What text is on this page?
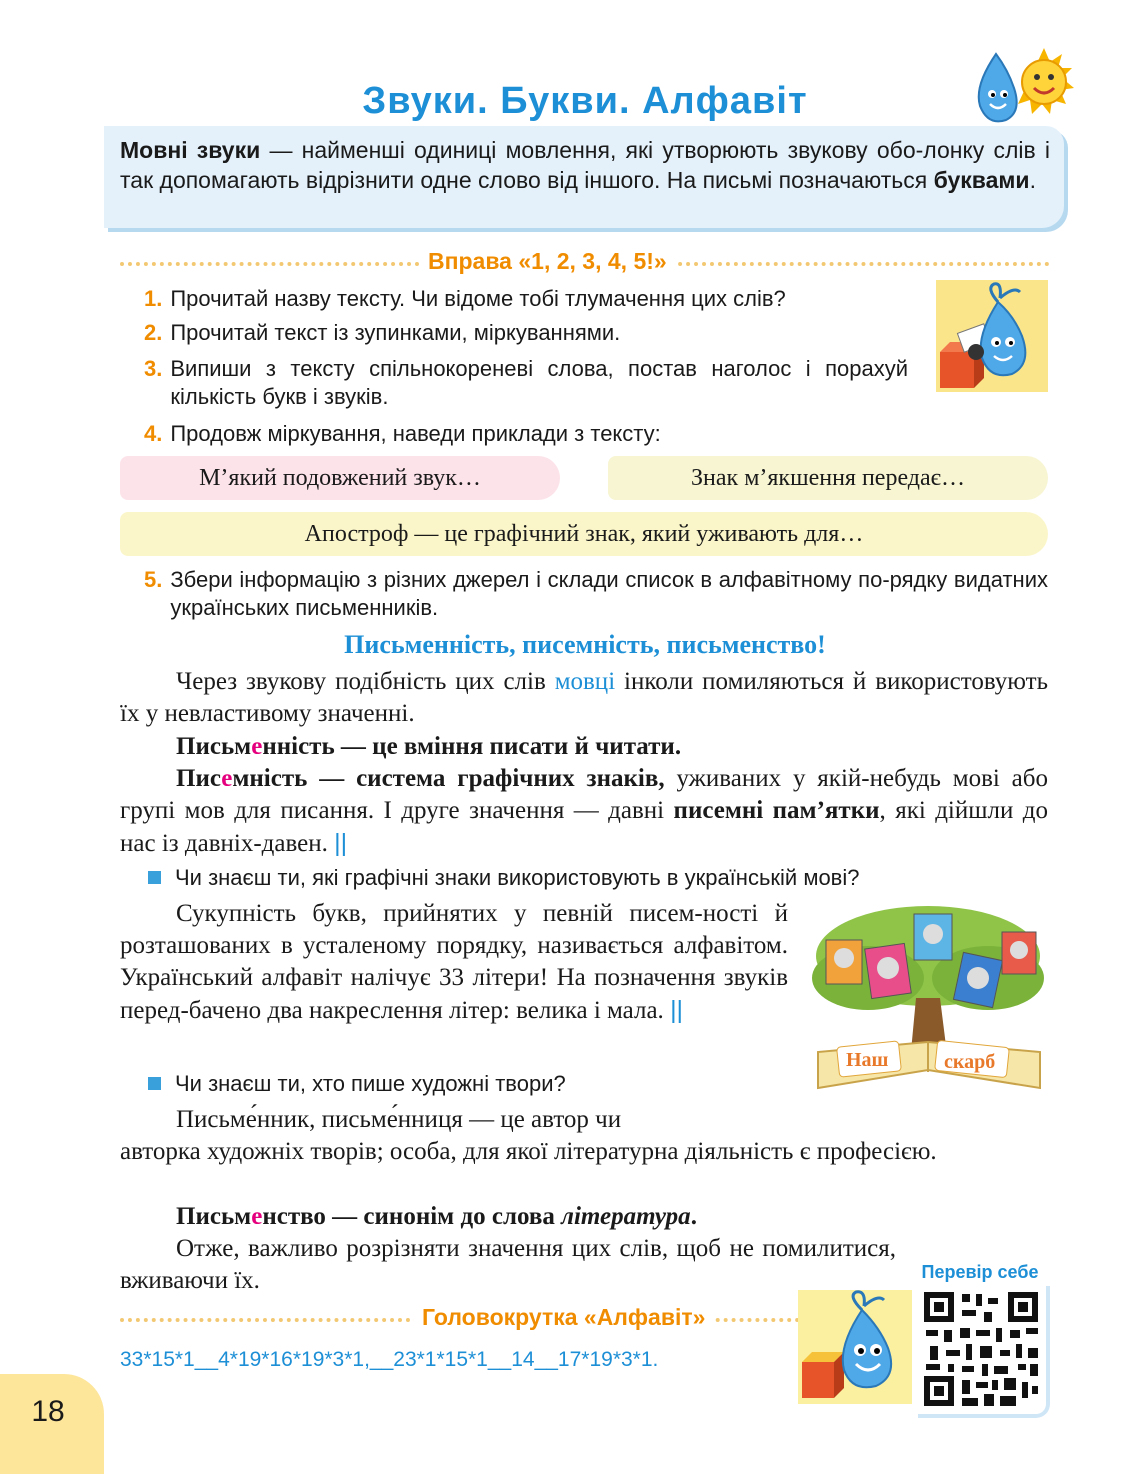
Звуки. Букви. Алфавіт
Мовні звуки — найменші одиниці мовлення, які утворюють звукову обо-лонку слів і так допомагають відрізнити одне слово від іншого. На письмі позначаються буквами.
Вправа «1, 2, 3, 4, 5!»
1. Прочитай назву тексту. Чи відоме тобі тлумачення цих слів?
2. Прочитай текст із зупинками, міркуваннями.
3. Випиши з тексту спільнокореневі слова, постав наголос і порахуй кількість букв і звуків.
4. Продовж міркування, наведи приклади з тексту:
М’який подовжений звук…	Знак м’якшення передає…
Апостроф — це графічний знак, який уживають для…
5. Збери інформацію з різних джерел і склади список в алфавітному по-рядку видатних українських письменників.
Письменність, писемність, письменство!
Через звукову подібність цих слів мовці інколи помиляються й використовують їх у невластивому значенні.
Письменність — це вміння писати й читати.
Писемність — система графічних знаків, уживаних у якій-небудь мові або групі мов для писання. І друге значення — давні писемні пам’ятки, які дійшли до нас із давніх-давен. ||
Чи знаєш ти, які графічні знаки використовують в українській мові?
Сукупність букв, прийнятих у певній писем-ності й розташованих в усталеному порядку, називається алфавітом. Український алфавіт налічує 33 літери! На позначення звуків перед-бачено два накреслення літер: велика і мала. ||
Наш	скарб
Чи знаєш ти, хто пише художні твори?
Письме́нник, письме́нниця — це автор чи
авторка художніх творів; особа, для якої літературна діяльність є професією.
Письменство — синонім до слова література.
Отже, важливо розрізняти значення цих слів, щоб не помилитися, вживаючи їх.	Перевір себе
Головокрутка «Алфавіт»
33*15*1__4*19*16*19*3*1,__23*1*15*1__14__17*19*3*1.
18
